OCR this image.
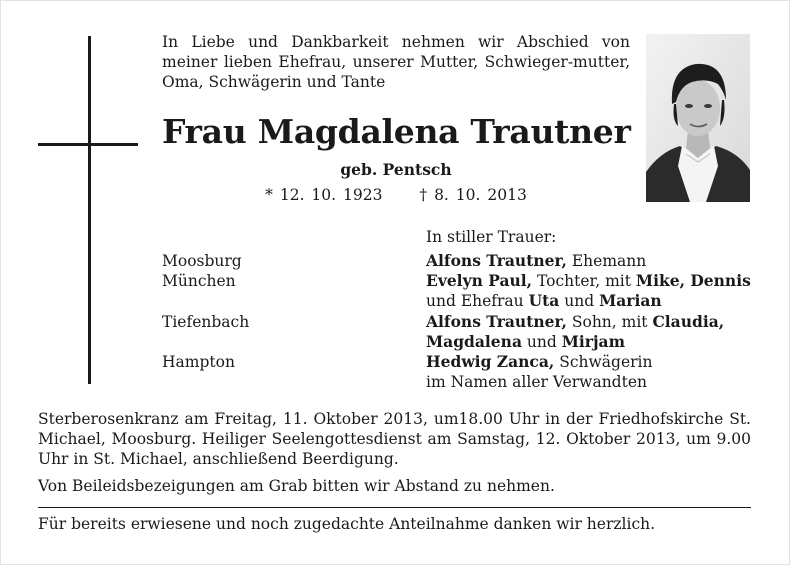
In Liebe und Dankbarkeit nehmen wir Abschied von meiner lieben Ehefrau, unserer Mutter, Schwieger-mutter, Oma, Schwägerin und Tante
Frau Magdalena Trautner
geb. Pentsch
* 12. 10. 1923 † 8. 10. 2013
In stiller Trauer:
Moosburg	Alfons Trautner, Ehemann
München	Evelyn Paul, Tochter, mit Mike, Dennis
und Ehefrau Uta und Marian
Tiefenbach	Alfons Trautner, Sohn, mit Claudia,
Magdalena und Mirjam
Hampton	Hedwig Zanca, Schwägerin
im Namen aller Verwandten
Sterberosenkranz am Freitag, 11. Oktober 2013, um18.00 Uhr in der Friedhofskirche St. Michael, Moosburg. Heiliger Seelengottesdienst am Samstag, 12. Oktober 2013, um 9.00 Uhr in St. Michael, anschließend Beerdigung.
Von Beileidsbezeigungen am Grab bitten wir Abstand zu nehmen.
Für bereits erwiesene und noch zugedachte Anteilnahme danken wir herzlich.
